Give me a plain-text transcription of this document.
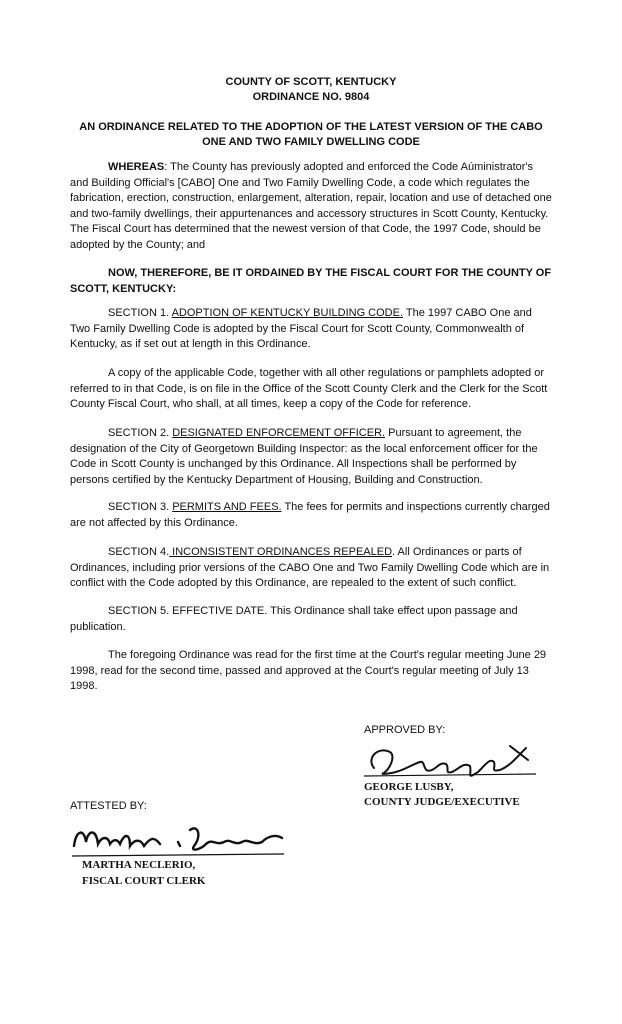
COUNTY OF SCOTT, KENTUCKY
ORDINANCE NO. 9804
AN ORDINANCE RELATED TO THE ADOPTION OF THE LATEST VERSION OF THE CABO ONE AND TWO FAMILY DWELLING CODE
WHEREAS: The County has previously adopted and enforced the Code Aúministrator's and Building Official's [CABO] One and Two Family Dwelling Code, a code which regulates the fabrication, erection, construction, enlargement, alteration, repair, location and use of detached one and two-family dwellings, their appurtenances and accessory structures in Scott County, Kentucky. The Fiscal Court has determined that the newest version of that Code, the 1997 Code, should be adopted by the County; and
NOW, THEREFORE, BE IT ORDAINED BY THE FISCAL COURT FOR THE COUNTY OF SCOTT, KENTUCKY:
SECTION 1. ADOPTION OF KENTUCKY BUILDING CODE. The 1997 CABO One and Two Family Dwelling Code is adopted by the Fiscal Court for Scott County, Commonwealth of Kentucky, as if set out at length in this Ordinance.
A copy of the applicable Code, together with all other regulations or pamphlets adopted or referred to in that Code, is on file in the Office of the Scott County Clerk and the Clerk for the Scott County Fiscal Court, who shall, at all times, keep a copy of the Code for reference.
SECTION 2. DESIGNATED ENFORCEMENT OFFICER. Pursuant to agreement, the designation of the City of Georgetown Building Inspector: as the local enforcement officer for the Code in Scott County is unchanged by this Ordinance. All Inspections shall be performed by persons certified by the Kentucky Department of Housing, Building and Construction.
SECTION 3. PERMITS AND FEES. The fees for permits and inspections currently charged are not affected by this Ordinance.
SECTION 4. INCONSISTENT ORDINANCES REPEALED. All Ordinances or parts of Ordinances, including prior versions of the CABO One and Two Family Dwelling Code which are in conflict with the Code adopted by this Ordinance, are repealed to the extent of such conflict.
SECTION 5. EFFECTIVE DATE. This Ordinance shall take effect upon passage and publication.
The foregoing Ordinance was read for the first time at the Court's regular meeting June 29 1998, read for the second time, passed and approved at the Court's regular meeting of July 13 1998.
APPROVED BY:
GEORGE LUSBY,
COUNTY JUDGE/EXECUTIVE
ATTESTED BY:
MARTHA NECLERIO,
FISCAL COURT CLERK
